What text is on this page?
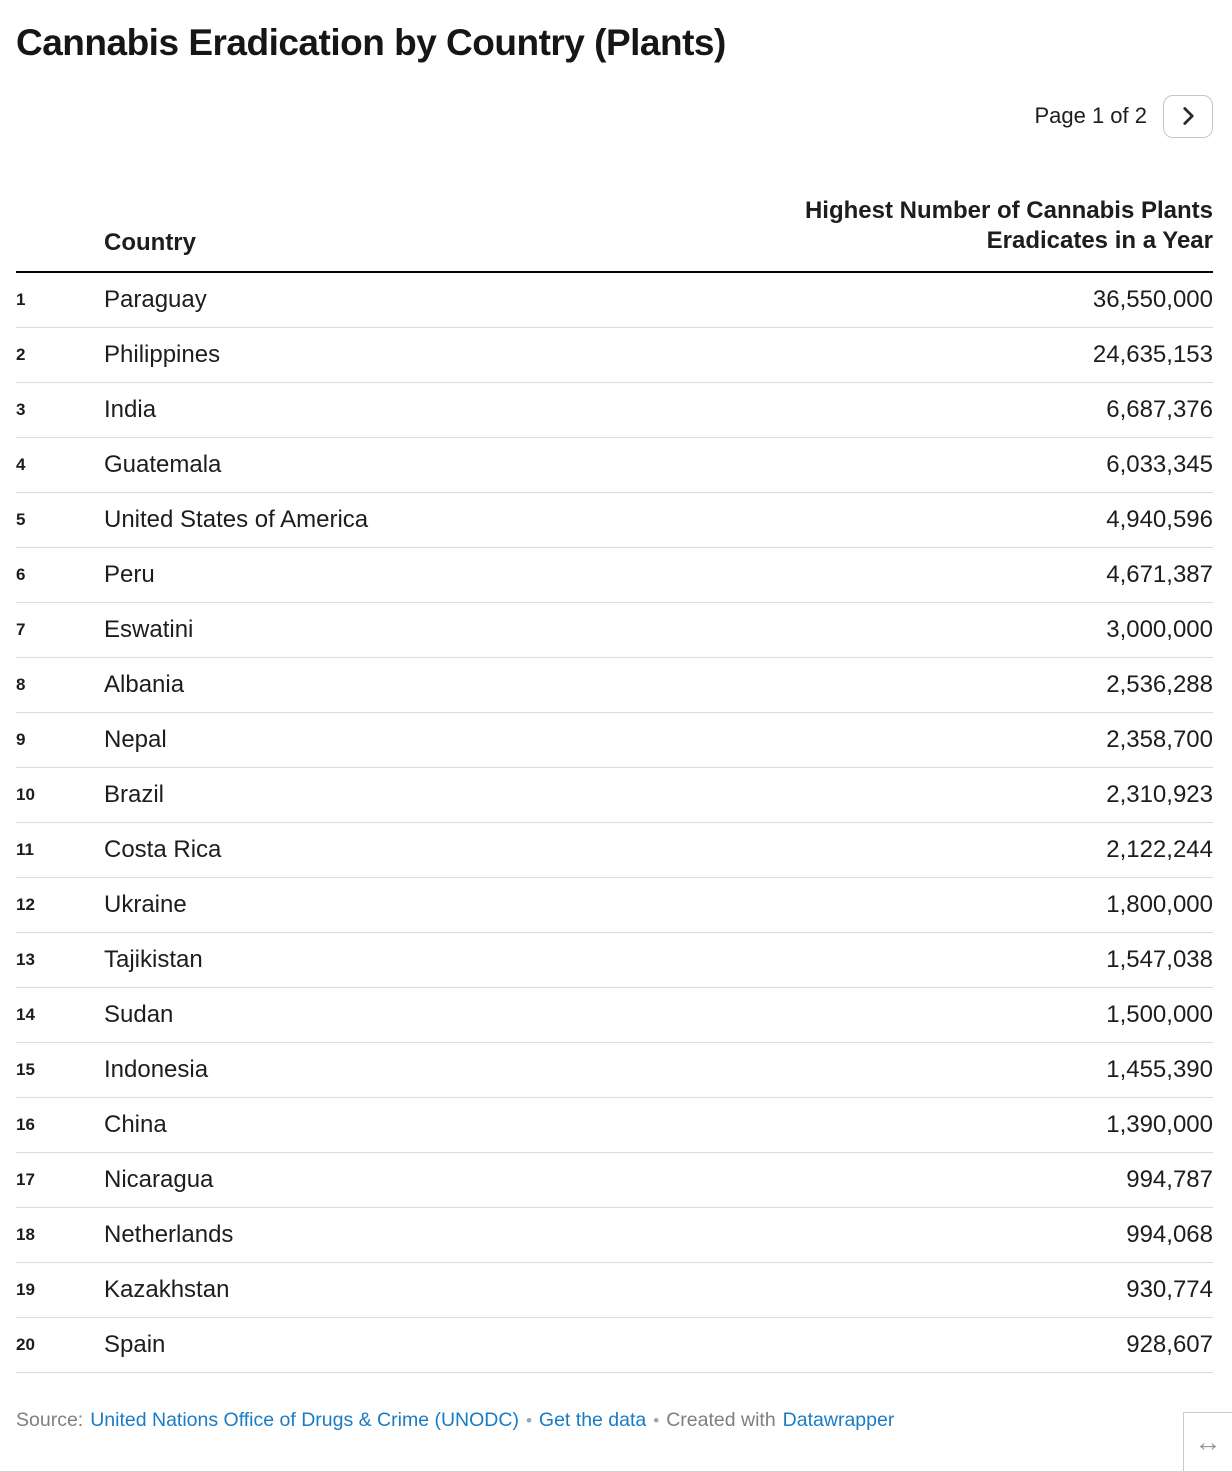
Cannabis Eradication by Country (Plants)
Page 1 of 2
	Country	Highest Number of Cannabis Plants Eradicates in a Year
1	Paraguay	36,550,000
2	Philippines	24,635,153
3	India	6,687,376
4	Guatemala	6,033,345
5	United States of America	4,940,596
6	Peru	4,671,387
7	Eswatini	3,000,000
8	Albania	2,536,288
9	Nepal	2,358,700
10	Brazil	2,310,923
11	Costa Rica	2,122,244
12	Ukraine	1,800,000
13	Tajikistan	1,547,038
14	Sudan	1,500,000
15	Indonesia	1,455,390
16	China	1,390,000
17	Nicaragua	994,787
18	Netherlands	994,068
19	Kazakhstan	930,774
20	Spain	928,607
Source: United Nations Office of Drugs & Crime (UNODC) • Get the data • Created with Datawrapper
↔
